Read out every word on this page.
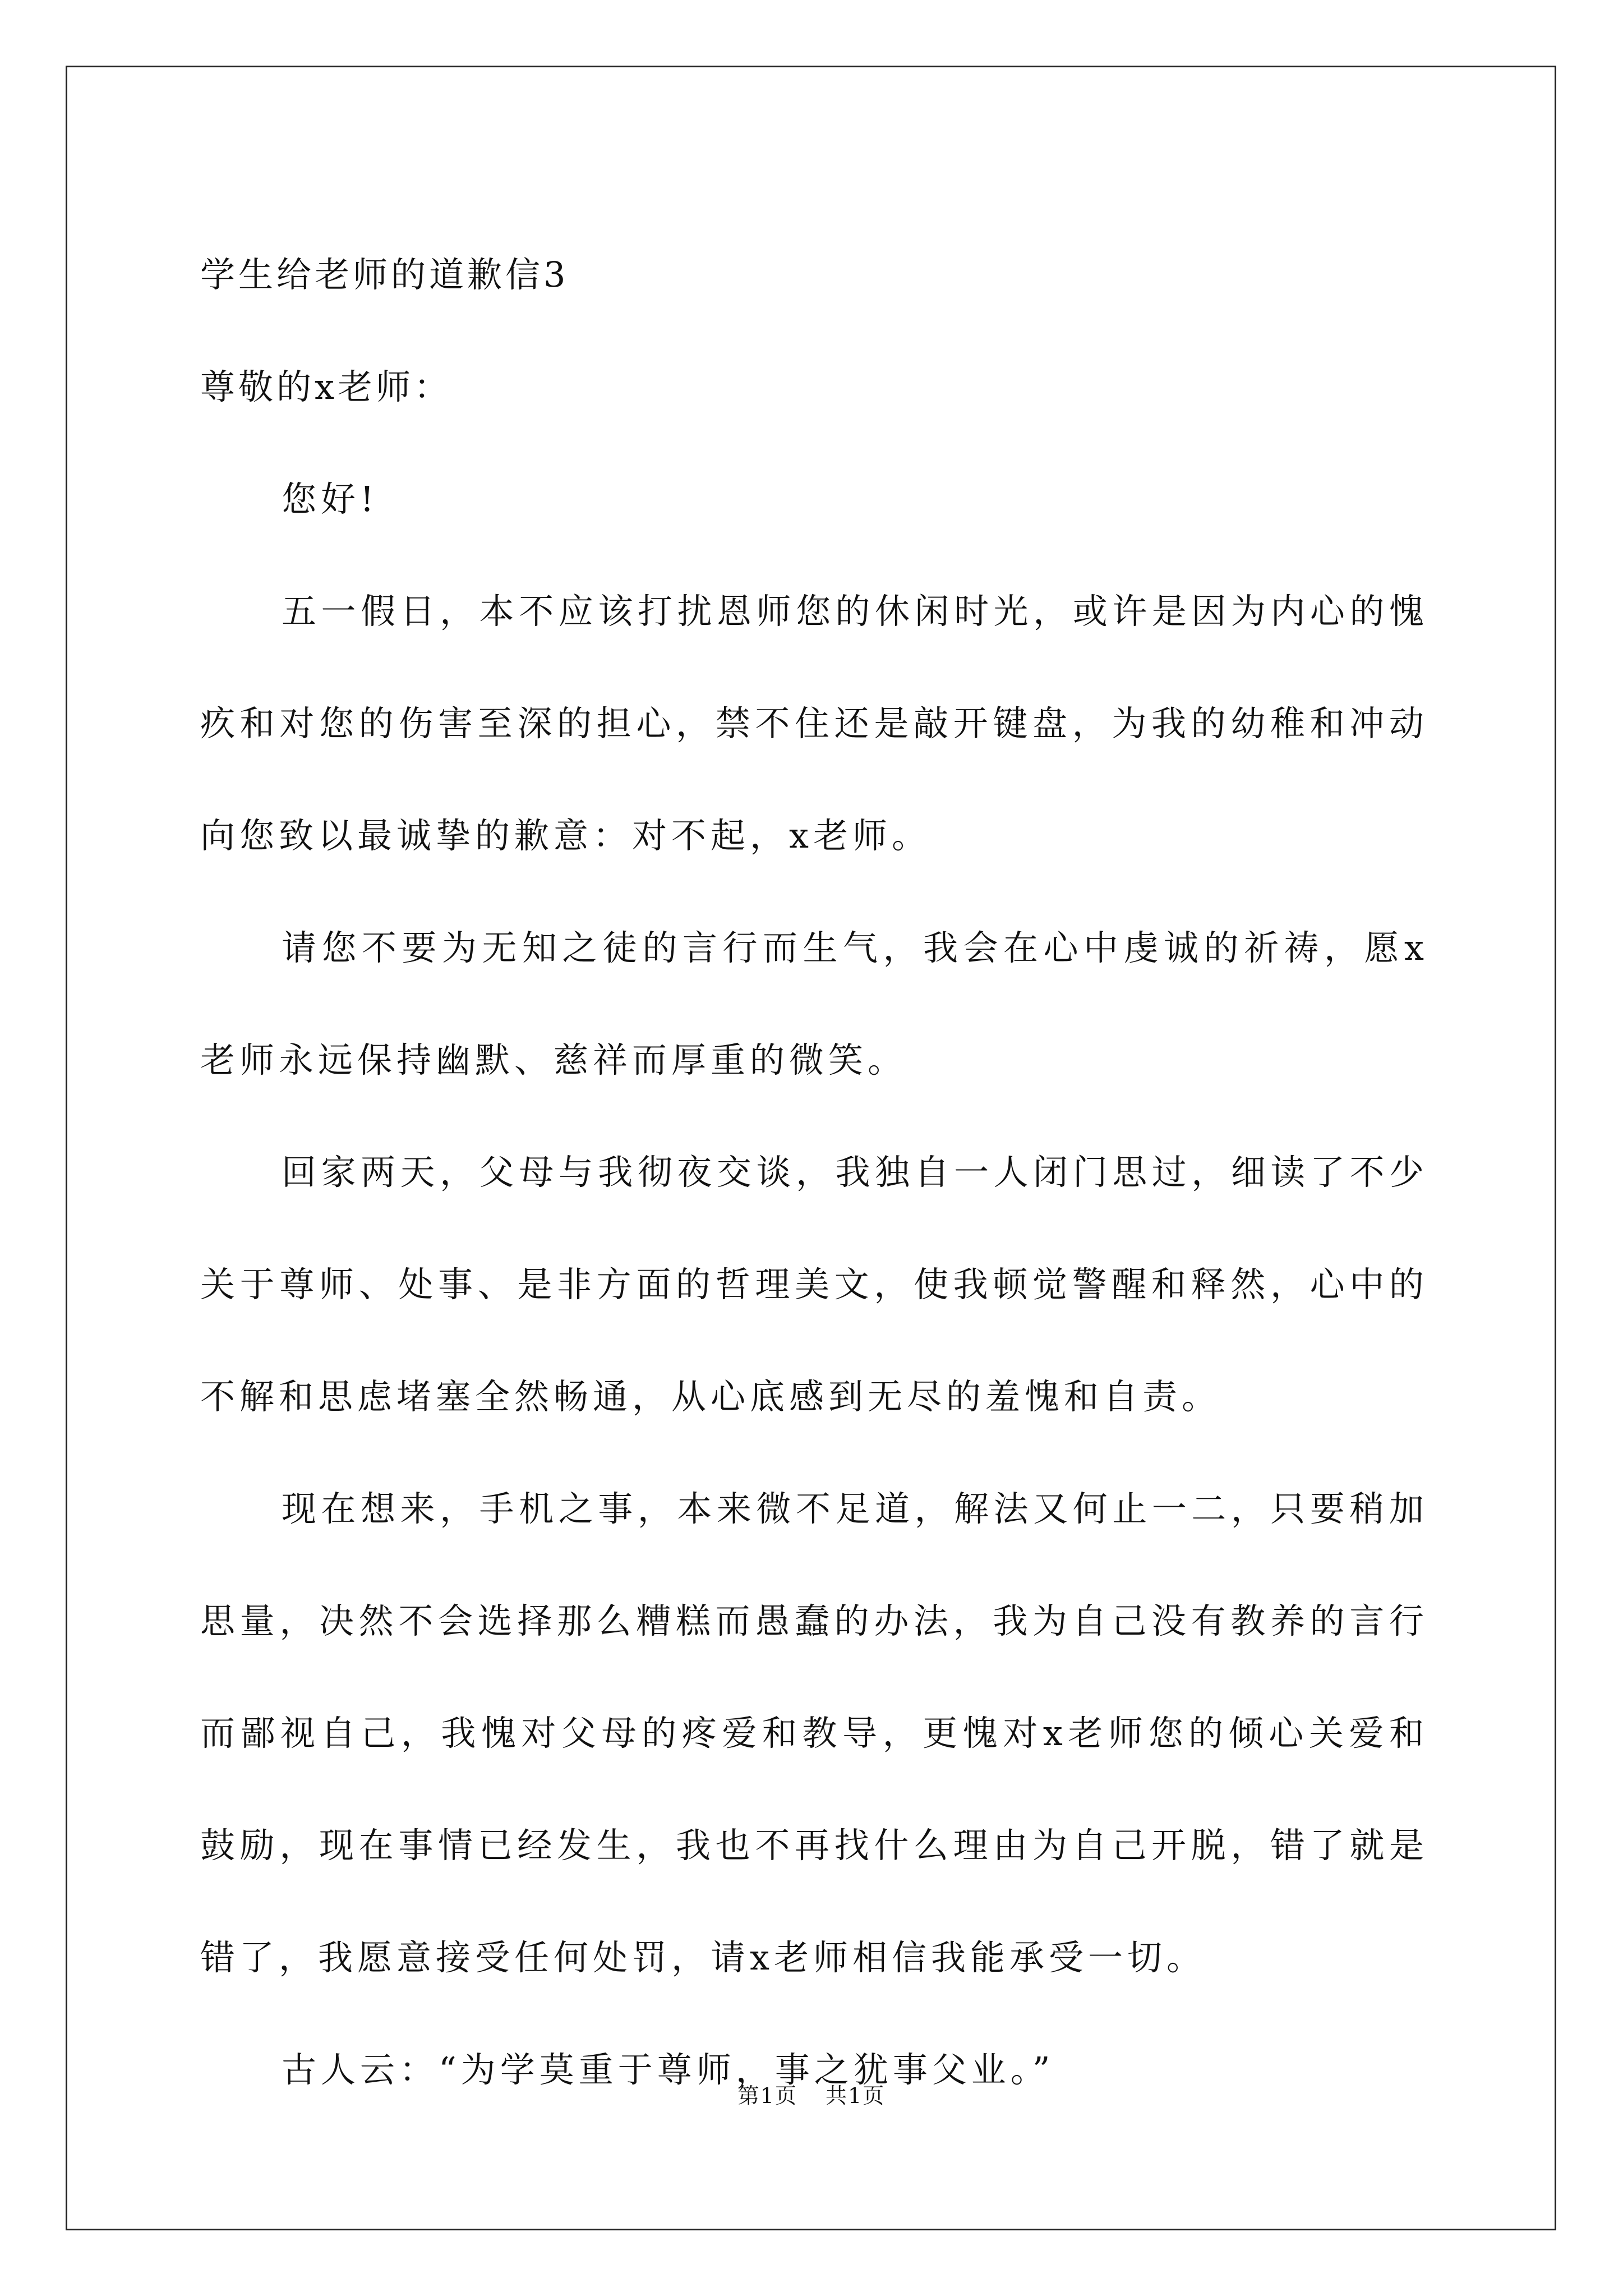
学生给老师的道歉信3
尊敬的x老师：

您好!

五一假日，本不应该打扰恩师您的休闲时光，或许是因为内心的愧疚和对您的伤害至深的担心，禁不住还是敲开键盘，为我的幼稚和冲动向您致以最诚挚的歉意：对不起，x老师。

请您不要为无知之徒的言行而生气，我会在心中虔诚的祈祷，愿x老师永远保持幽默、慈祥而厚重的微笑。

回家两天，父母与我彻夜交谈，我独自一人闭门思过，细读了不少关于尊师、处事、是非方面的哲理美文，使我顿觉警醒和释然，心中的不解和思虑堵塞全然畅通，从心底感到无尽的羞愧和自责。

现在想来，手机之事，本来微不足道，解法又何止一二，只要稍加思量，决然不会选择那么糟糕而愚蠢的办法，我为自己没有教养的言行而鄙视自己，我愧对父母的疼爱和教导，更愧对x老师您的倾心关爱和鼓励，现在事情已经发生，我也不再找什么理由为自己开脱，错了就是错了，我愿意接受任何处罚，请x老师相信我能承受一切。

古人云：“为学莫重于尊师，事之犹事父业。”

第1页 共1页
